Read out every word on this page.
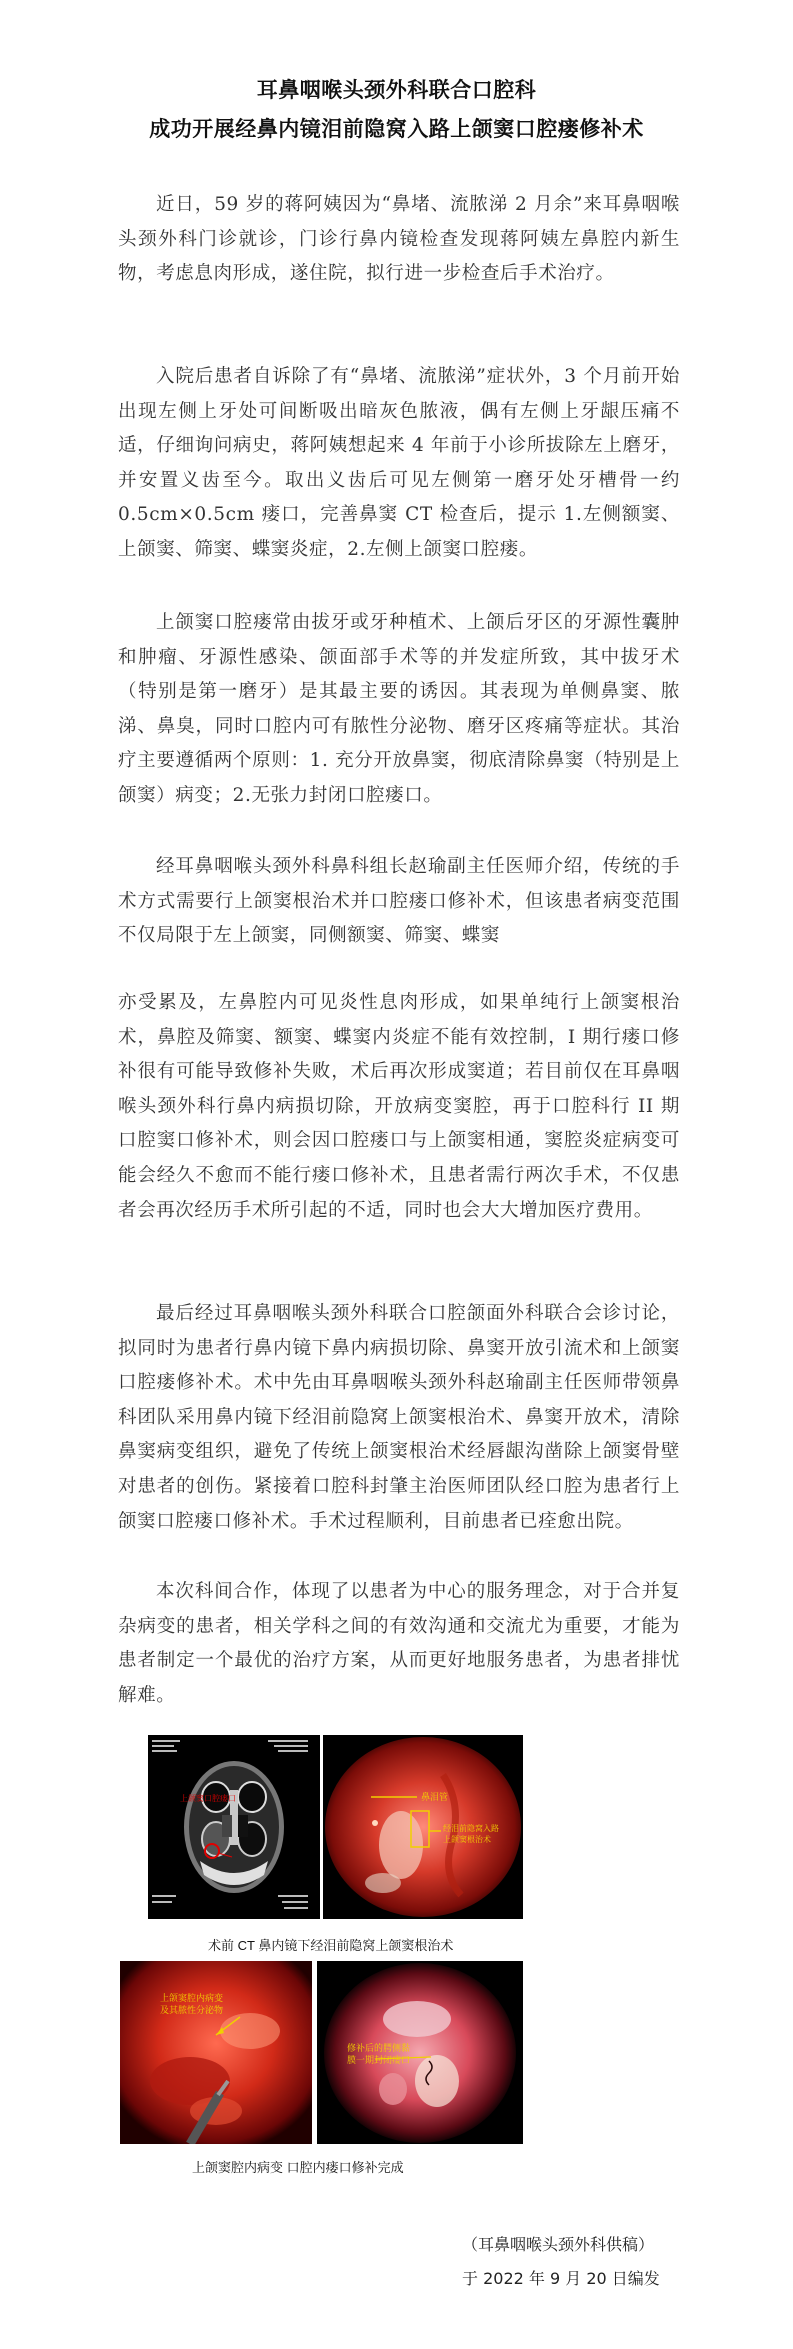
耳鼻咽喉头颈外科联合口腔科
成功开展经鼻内镜泪前隐窝入路上颌窦口腔瘘修补术
近日，59 岁的蒋阿姨因为“鼻堵、流脓涕 2 月余”来耳鼻咽喉头颈外科门诊就诊，门诊行鼻内镜检查发现蒋阿姨左鼻腔内新生物，考虑息肉形成，遂住院，拟行进一步检查后手术治疗。
入院后患者自诉除了有“鼻堵、流脓涕”症状外，3 个月前开始出现左侧上牙处可间断吸出暗灰色脓液，偶有左侧上牙龈压痛不适，仔细询问病史，蒋阿姨想起来 4 年前于小诊所拔除左上磨牙，并安置义齿至今。取出义齿后可见左侧第一磨牙处牙槽骨一约 0.5cm×0.5cm 瘘口，完善鼻窦 CT 检查后，提示 1.左侧额窦、上颌窦、筛窦、蝶窦炎症，2.左侧上颌窦口腔瘘。
上颌窦口腔瘘常由拔牙或牙种植术、上颌后牙区的牙源性囊肿和肿瘤、牙源性感染、颌面部手术等的并发症所致，其中拔牙术（特别是第一磨牙）是其最主要的诱因。其表现为单侧鼻窦、脓涕、鼻臭，同时口腔内可有脓性分泌物、磨牙区疼痛等症状。其治疗主要遵循两个原则：1. 充分开放鼻窦，彻底清除鼻窦（特别是上颌窦）病变；2.无张力封闭口腔瘘口。
经耳鼻咽喉头颈外科鼻科组长赵瑜副主任医师介绍，传统的手术方式需要行上颌窦根治术并口腔瘘口修补术，但该患者病变范围不仅局限于左上颌窦，同侧额窦、筛窦、蝶窦
亦受累及，左鼻腔内可见炎性息肉形成，如果单纯行上颌窦根治术，鼻腔及筛窦、额窦、蝶窦内炎症不能有效控制，I 期行瘘口修补很有可能导致修补失败，术后再次形成窦道；若目前仅在耳鼻咽喉头颈外科行鼻内病损切除，开放病变窦腔，再于口腔科行 II 期口腔窦口修补术，则会因口腔瘘口与上颌窦相通，窦腔炎症病变可能会经久不愈而不能行瘘口修补术，且患者需行两次手术，不仅患者会再次经历手术所引起的不适，同时也会大大增加医疗费用。
最后经过耳鼻咽喉头颈外科联合口腔颌面外科联合会诊讨论，拟同时为患者行鼻内镜下鼻内病损切除、鼻窦开放引流术和上颌窦口腔瘘修补术。术中先由耳鼻咽喉头颈外科赵瑜副主任医师带领鼻科团队采用鼻内镜下经泪前隐窝上颌窦根治术、鼻窦开放术，清除鼻窦病变组织，避免了传统上颌窦根治术经唇龈沟凿除上颌窦骨壁对患者的创伤。紧接着口腔科封肇主治医师团队经口腔为患者行上颌窦口腔瘘口修补术。手术过程顺利，目前患者已痊愈出院。
本次科间合作，体现了以患者为中心的服务理念，对于合并复杂病变的患者，相关学科之间的有效沟通和交流尤为重要，才能为患者制定一个最优的治疗方案，从而更好地服务患者，为患者排忧解难。
上颌窦口腔瘘口	鼻泪管
经泪前隐窝入路
上颌窦根治术
术前 CT 鼻内镜下经泪前隐窝上颌窦根治术
上颌窦腔内病变
及其脓性分泌物
修补后的腭侧黏
膜一期封闭瘘口
上颌窦腔内病变 口腔内瘘口修补完成
（耳鼻咽喉头颈外科供稿）
于 2022 年 9 月 20 日编发
